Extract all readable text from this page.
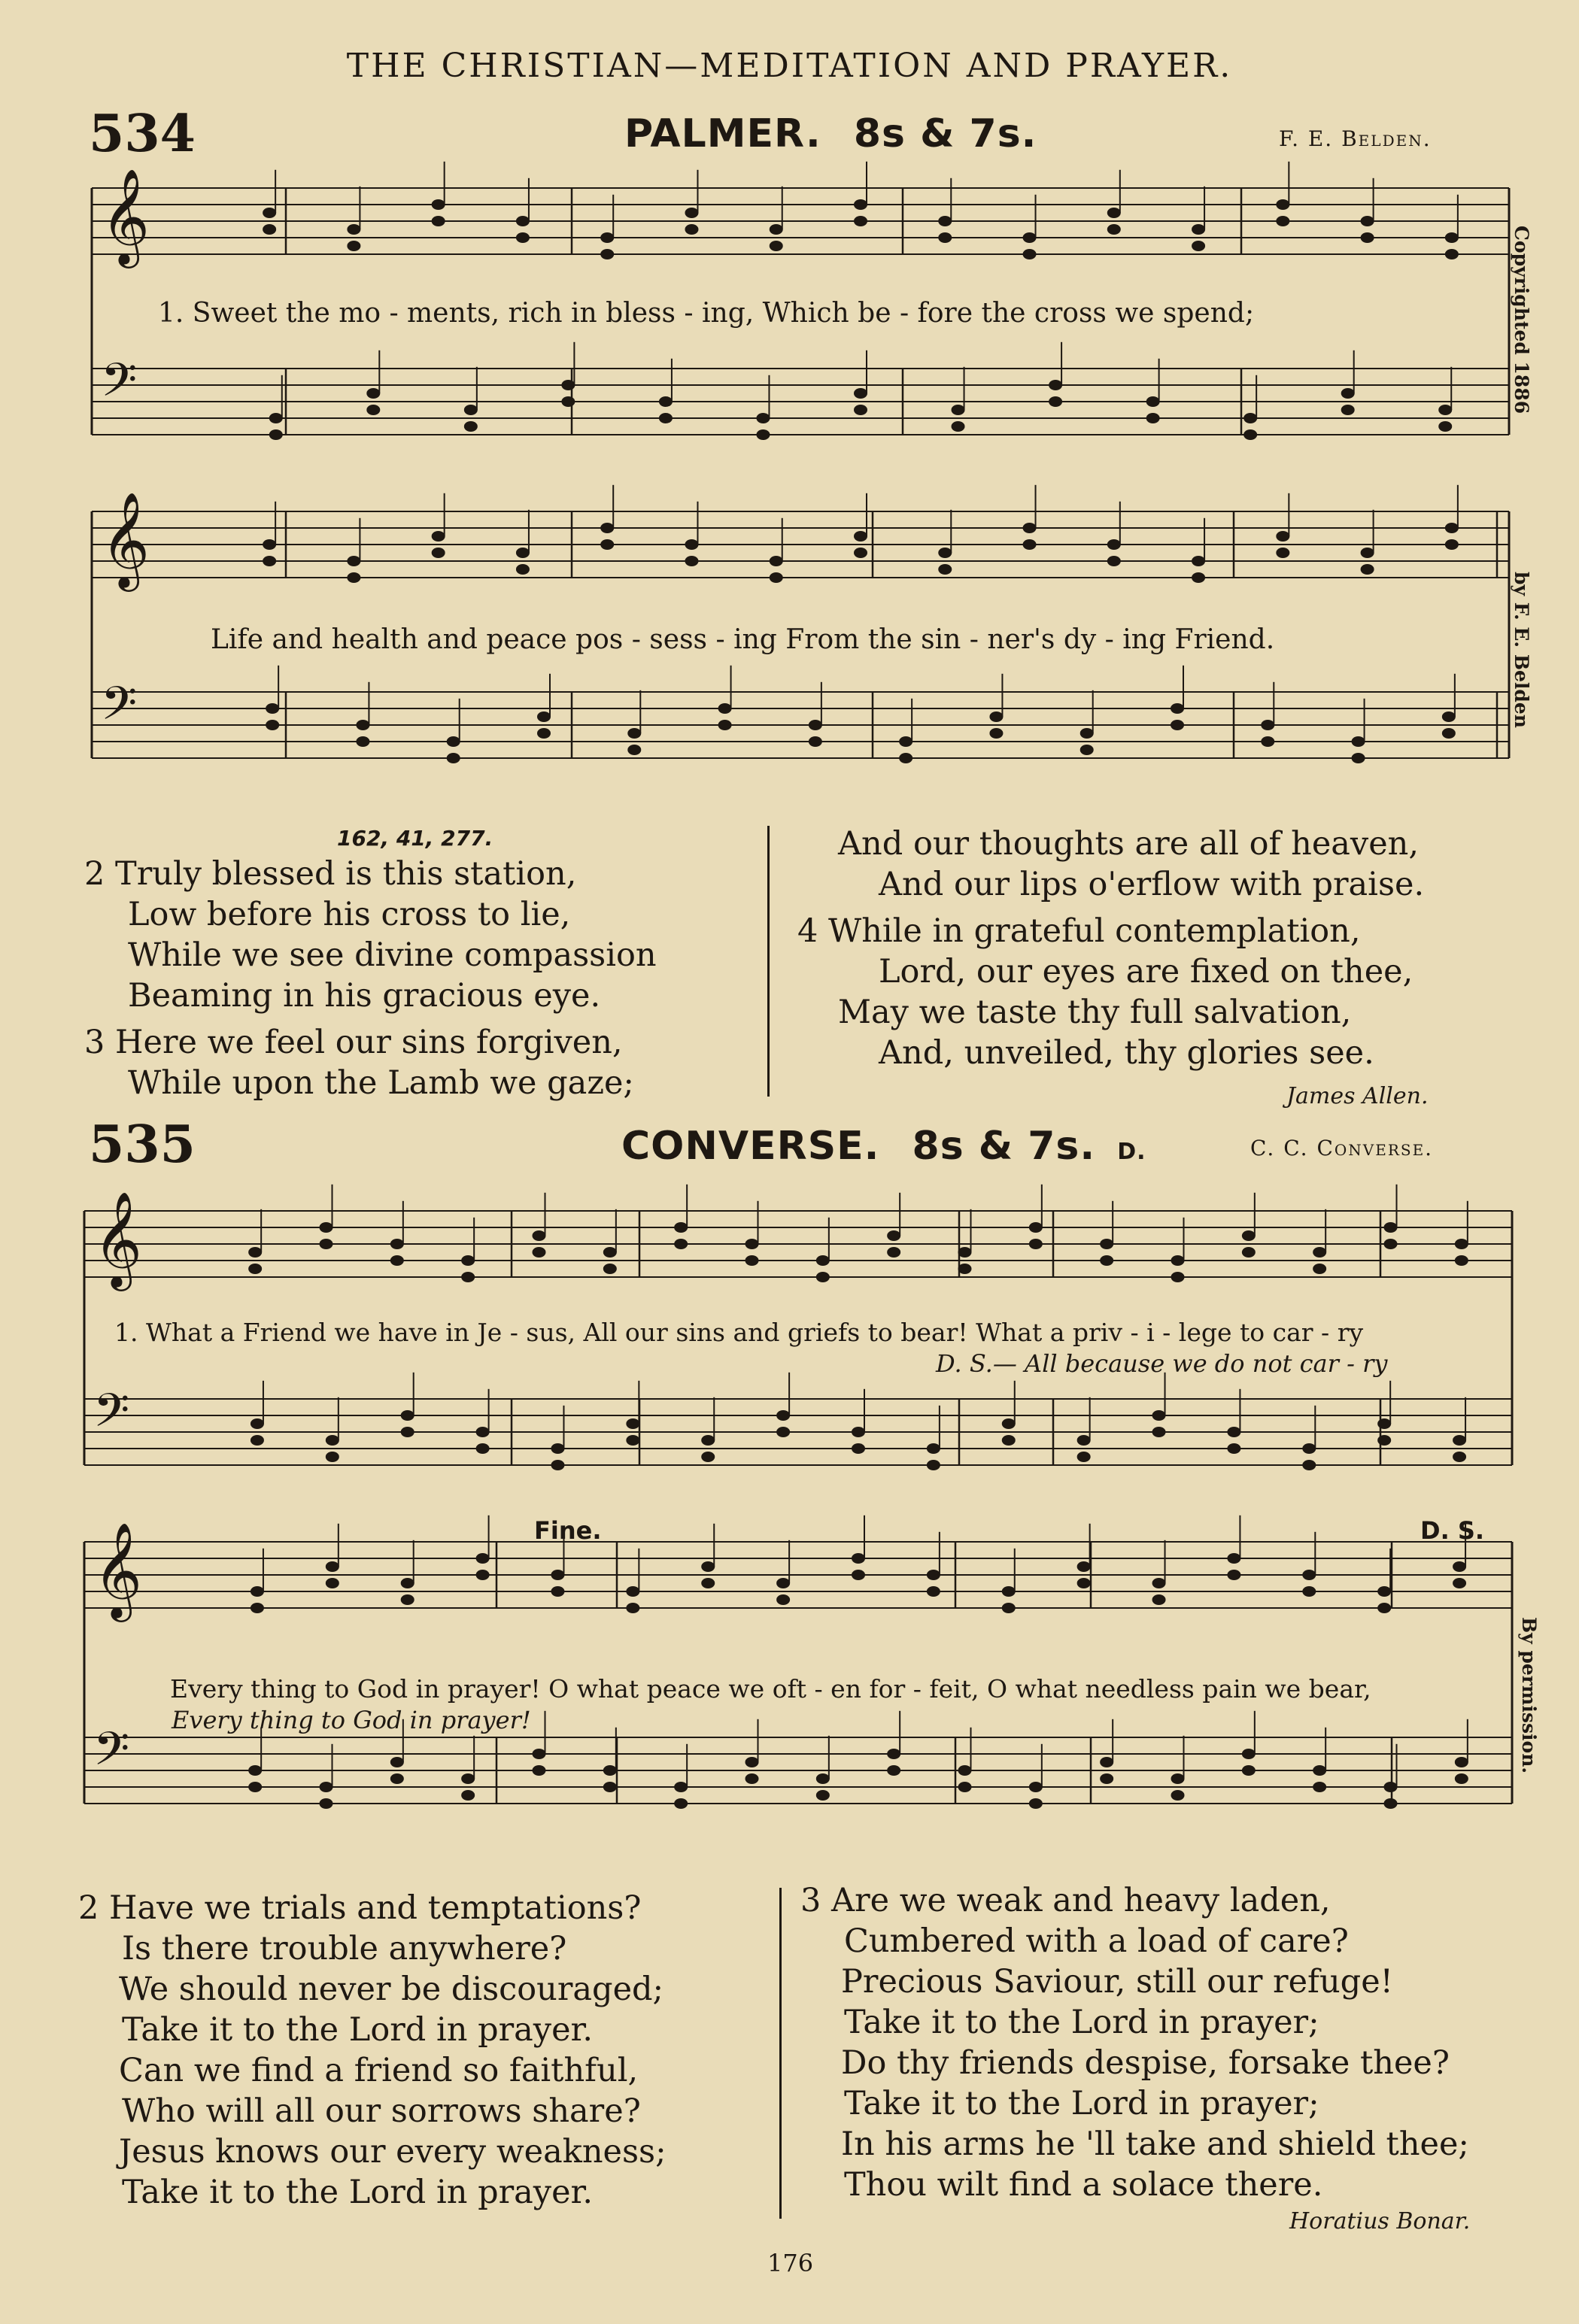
THE CHRISTIAN—MEDITATION AND PRAYER.
534	PALMER. 8s & 7s.	F. E. Belden.
𝄞
𝄢
𝄞
𝄢
𝄞
𝄢
𝄞
𝄢
1. Sweet the mo - ments, rich in bless - ing, Which be - fore the cross we spend;
Life and health and peace pos - sess - ing From the sin - ner's dy - ing Friend.
Copyrighted 1886
by F. E. Belden
162, 41, 277.
2 Truly blessed is this station,
Low before his cross to lie,
While we see divine compassion
Beaming in his gracious eye.
3 Here we feel our sins forgiven,
While upon the Lamb we gaze;
And our thoughts are all of heaven,
And our lips o'erflow with praise.
4 While in grateful contemplation,
Lord, our eyes are fixed on thee,
May we taste thy full salvation,
And, unveiled, thy glories see.
James Allen.
535	CONVERSE. 8s & 7s. D.	C. C. Converse.
1. What a Friend we have in Je - sus, All our sins and griefs to bear! What a priv - i - lege to car - ry
D. S.— All because we do not car - ry
Fine.	D. S.
Every thing to God in prayer! O what peace we oft - en for - feit, O what needless pain we bear,
Every thing to God in prayer!	By permission.
2 Have we trials and temptations?
Is there trouble anywhere?
We should never be discouraged;
Take it to the Lord in prayer.
Can we find a friend so faithful,
Who will all our sorrows share?
Jesus knows our every weakness;
Take it to the Lord in prayer.
3 Are we weak and heavy laden,
Cumbered with a load of care?
Precious Saviour, still our refuge!
Take it to the Lord in prayer;
Do thy friends despise, forsake thee?
Take it to the Lord in prayer;
In his arms he 'll take and shield thee;
Thou wilt find a solace there.
Horatius Bonar.
176
